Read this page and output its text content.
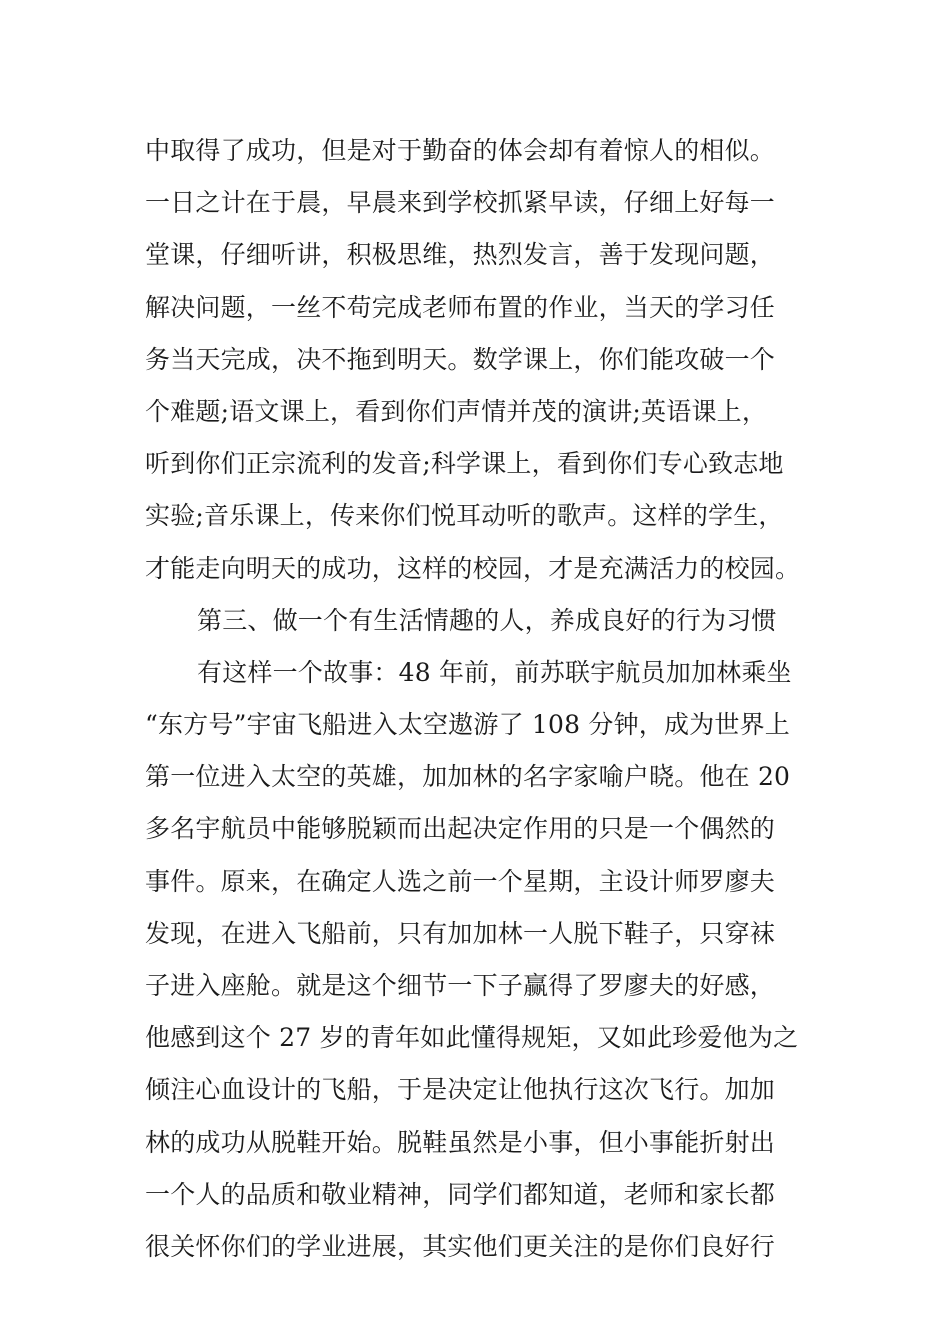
中取得了成功，但是对于勤奋的体会却有着惊人的相似。
一日之计在于晨，早晨来到学校抓紧早读，仔细上好每一
堂课，仔细听讲，积极思维，热烈发言，善于发现问题，
解决问题，一丝不苟完成老师布置的作业，当天的学习任
务当天完成，决不拖到明天。数学课上，你们能攻破一个
个难题;语文课上，看到你们声情并茂的演讲;英语课上，
听到你们正宗流利的发音;科学课上，看到你们专心致志地
实验;音乐课上，传来你们悦耳动听的歌声。这样的学生，
才能走向明天的成功，这样的校园，才是充满活力的校园。
第三、做一个有生活情趣的人，养成良好的行为习惯
有这样一个故事：48 年前，前苏联宇航员加加林乘坐
“东方号”宇宙飞船进入太空遨游了 108 分钟，成为世界上
第一位进入太空的英雄，加加林的名字家喻户晓。他在 20
多名宇航员中能够脱颖而出起决定作用的只是一个偶然的
事件。原来，在确定人选之前一个星期，主设计师罗廖夫
发现，在进入飞船前，只有加加林一人脱下鞋子，只穿袜
子进入座舱。就是这个细节一下子赢得了罗廖夫的好感，
他感到这个 27 岁的青年如此懂得规矩，又如此珍爱他为之
倾注心血设计的飞船，于是决定让他执行这次飞行。加加
林的成功从脱鞋开始。脱鞋虽然是小事，但小事能折射出
一个人的品质和敬业精神，同学们都知道，老师和家长都
很关怀你们的学业进展，其实他们更关注的是你们良好行
